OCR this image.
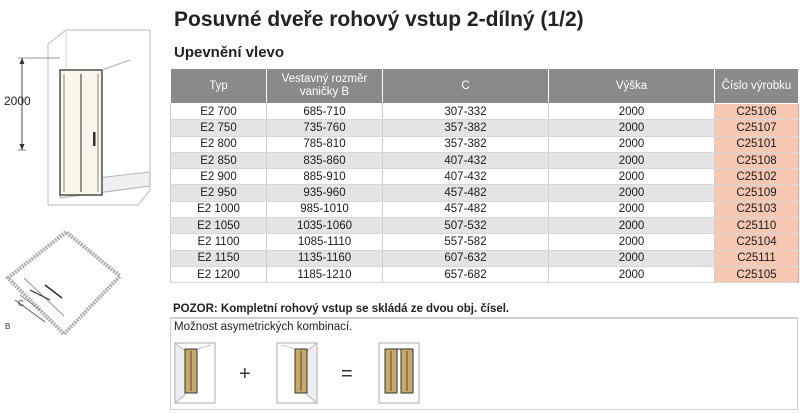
Posuvné dveře rohový vstup 2-dílný (1/2)
Upevnění vlevo
2000
C
B
Typ	Vestavný rozměr vaničky B	C	Výška	Číslo výrobku
E2 700	685-710	307-332	2000	C25106
E2 750	735-760	357-382	2000	C25107
E2 800	785-810	357-382	2000	C25101
E2 850	835-860	407-432	2000	C25108
E2 900	885-910	407-432	2000	C25102
E2 950	935-960	457-482	2000	C25109
E2 1000	985-1010	457-482	2000	C25103
E2 1050	1035-1060	507-532	2000	C25110
E2 1100	1085-1110	557-582	2000	C25104
E2 1150	1135-1160	607-632	2000	C25111
E2 1200	1185-1210	657-682	2000	C25105
POZOR: Kompletní rohový vstup se skládá ze dvou obj. čísel.
Možnost asymetrických kombinací.
+	=
